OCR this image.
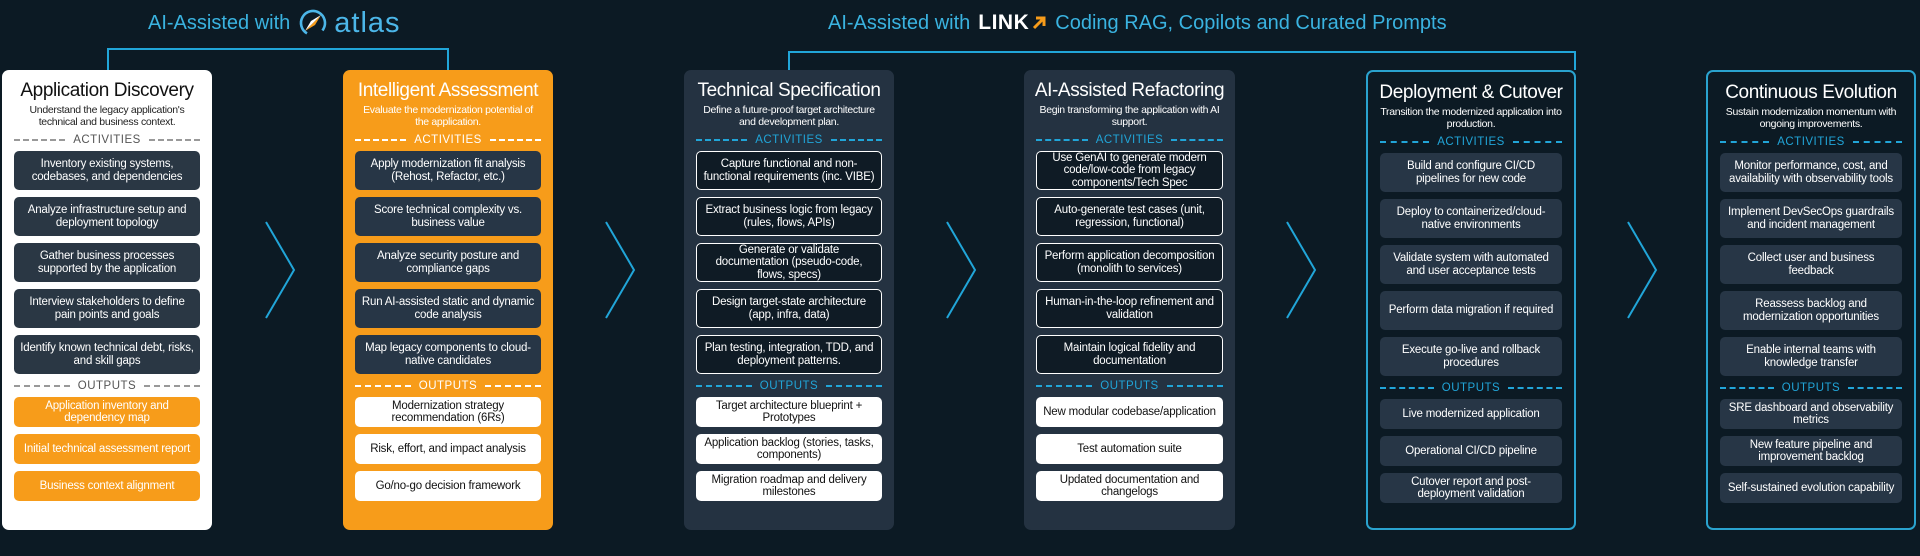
AI-Assisted with atlas	AI-Assisted with LINK Coding RAG, Copilots and Curated Prompts
Application Discovery
Understand the legacy application's technical and business context.
ACTIVITIES
Inventory existing systems, codebases, and dependencies
Analyze infrastructure setup and deployment topology
Gather business processes supported by the application
Interview stakeholders to define pain points and goals
Identify known technical debt, risks, and skill gaps
OUTPUTS
Application inventory and dependency map
Initial technical assessment report
Business context alignment
Intelligent Assessment
Evaluate the modernization potential of the application.
ACTIVITIES
Apply modernization fit analysis (Rehost, Refactor, etc.)
Score technical complexity vs. business value
Analyze security posture and compliance gaps
Run AI-assisted static and dynamic code analysis
Map legacy components to cloud-native candidates
OUTPUTS
Modernization strategy recommendation (6Rs)
Risk, effort, and impact analysis
Go/no-go decision framework
Technical Specification
Define a future-proof target architecture and development plan.
ACTIVITIES
Capture functional and non-functional requirements (inc. VIBE)
Extract business logic from legacy (rules, flows, APIs)
Generate or validate documentation (pseudo-code, flows, specs)
Design target-state architecture (app, infra, data)
Plan testing, integration, TDD, and deployment patterns.
OUTPUTS
Target architecture blueprint + Prototypes
Application backlog (stories, tasks, components)
Migration roadmap and delivery milestones
AI-Assisted Refactoring
Begin transforming the application with AI support.
ACTIVITIES
Use GenAI to generate modern code/low-code from legacy components/Tech Spec
Auto-generate test cases (unit, regression, functional)
Perform application decomposition (monolith to services)
Human-in-the-loop refinement and validation
Maintain logical fidelity and documentation
OUTPUTS
New modular codebase/application
Test automation suite
Updated documentation and changelogs
Deployment & Cutover
Transition the modernized application into production.
ACTIVITIES
Build and configure CI/CD pipelines for new code
Deploy to containerized/cloud-native environments
Validate system with automated and user acceptance tests
Perform data migration if required
Execute go-live and rollback procedures
OUTPUTS
Live modernized application
Operational CI/CD pipeline
Cutover report and post-deployment validation
Continuous Evolution
Sustain modernization momentum with ongoing improvements.
ACTIVITIES
Monitor performance, cost, and availability with observability tools
Implement DevSecOps guardrails and incident management
Collect user and business feedback
Reassess backlog and modernization opportunities
Enable internal teams with knowledge transfer
OUTPUTS
SRE dashboard and observability metrics
New feature pipeline and improvement backlog
Self-sustained evolution capability
